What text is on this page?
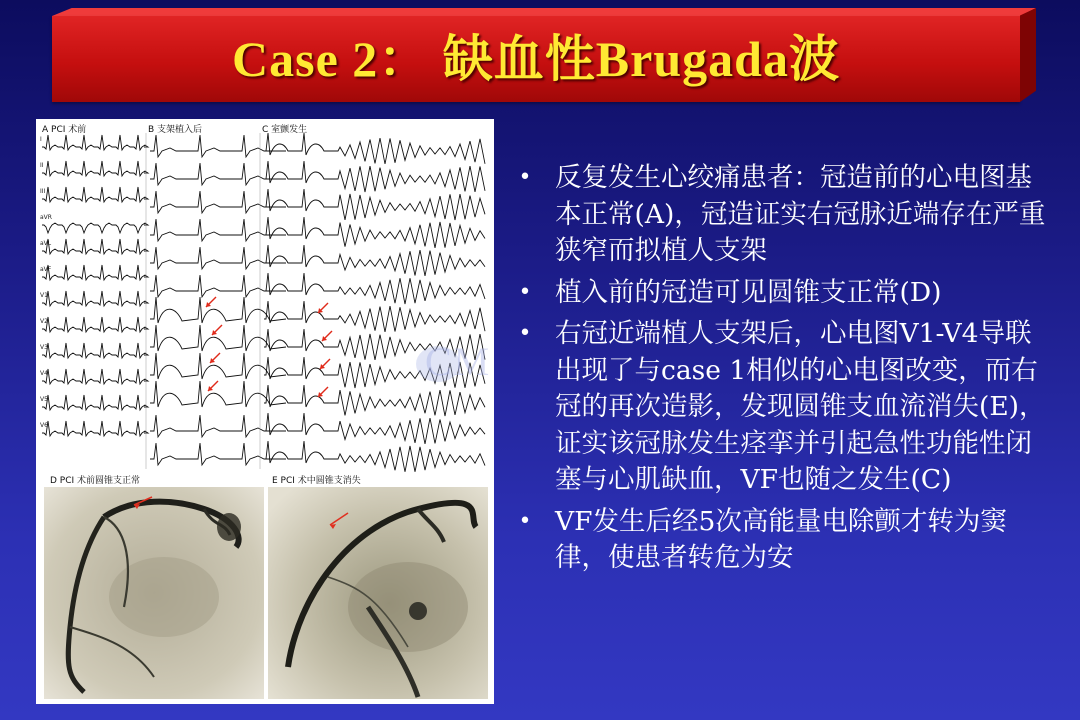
Case 2： 缺血性Brugada波
I
II
III
aVR
aVL
aVF
V1
V2
V3
V4
V5
V6
A PCI 术前	B 支架植入后	C 室颤发生
D PCI 术前圆锥支正常	E PCI 术中圆锥支消失
CM
• 反复发生心绞痛患者：冠造前的心电图基本正常(A)，冠造证实右冠脉近端存在严重狭窄而拟植人支架
• 植入前的冠造可见圆锥支正常(D)
• 右冠近端植人支架后，心电图V1-V4导联出现了与case 1相似的心电图改变，而右冠的再次造影，发现圆锥支血流消失(E)，证实该冠脉发生痉挛并引起急性功能性闭塞与心肌缺血，VF也随之发生(C)
• VF发生后经5次高能量电除颤才转为窦律，使患者转危为安
